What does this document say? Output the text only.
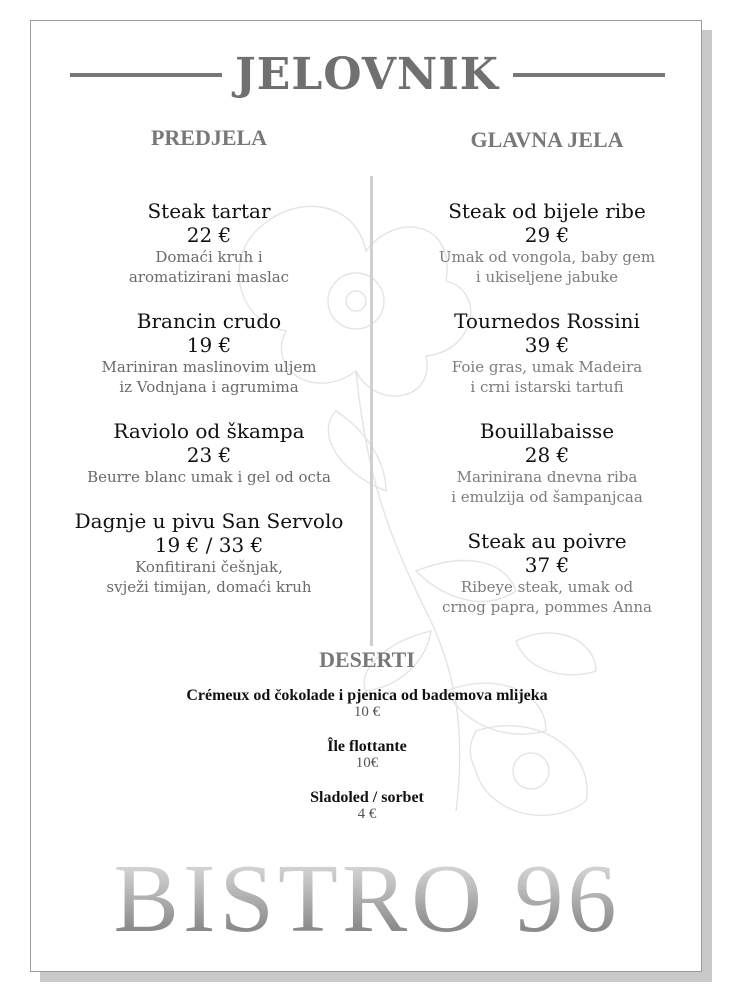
JELOVNIK
PREDJELA	GLAVNA JELA
Steak tartar
22 €
Domaći kruh i
aromatizirani maslac
Brancin crudo
19 €
Mariniran maslinovim uljem
iz Vodnjana i agrumima
Raviolo od škampa
23 €
Beurre blanc umak i gel od octa
Dagnje u pivu San Servolo
19 € / 33 €
Konfitirani češnjak,
svježi timijan, domaći kruh
Steak od bijele ribe
29 €
Umak od vongola, baby gem
i ukiseljene jabuke
Tournedos Rossini
39 €
Foie gras, umak Madeira
i crni istarski tartufi
Bouillabaisse
28 €
Marinirana dnevna riba
i emulzija od šampanjcaa
Steak au poivre
37 €
Ribeye steak, umak od
crnog papra, pommes Anna
DESERTI
Crémeux od čokolade i pjenica od bademova mlijeka
10 €
Île flottante
10€
Sladoled / sorbet
4 €
BISTRO 96
